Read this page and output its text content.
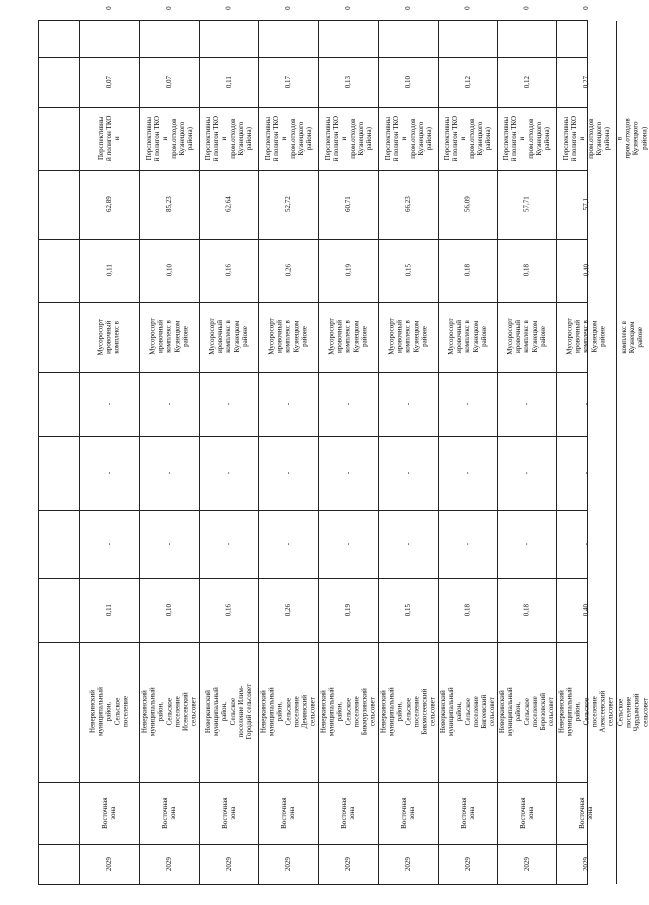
2029
Восточная
зона
Неверкинский
муниципальный район,
Сельское поселение
0,11
-
-
-
Мусоросорт
ировочный
комплекс в
0,11
62,89
Перспективны
й полигон ТКО
и
0,07
0
2029
Восточная
зона
Неверкинский
муниципальный район,
Сельское поселение
Исенсевский сельсовет
0,10
-
-
-
Мусоросорт
ировочный
комплекс в
Кузнецком
районе
0,10
85,23
Перспективны
й полигон ТКО
и
пром.отходов
Кузнецкого
района)
0,07
0
2029
Восточная
зона
Неверкинский
муниципальный район,
Сельское поселение Илим-
Городий сельсовет
0,16
-
-
-
Мусоросорт
ировочный
комплекс в
Кузнецком
районе
0,16
62,64
Перспективны
й полигон ТКО
и
пром.отходов
Кузнецкого
района)
0,11
0
2029
Восточная
зона
Неверкинский
муниципальный район,
Сельское поселение
Демянский сельсовет
0,26
-
-
-
Мусоросорт
ировочный
комплекс в
Кузнецком
районе
0,26
52,72
Перспективны
й полигон ТКО
и
пром.отходов
Кузнецкого
района)
0,17
0
2029
Восточная
зона
Неверкинский
муниципальный район,
Сельское поселение
Бикмурзинский сельсовет
0,19
-
-
-
Мусоросорт
ировочный
комплекс в
Кузнецком
районе
0,19
60,71
Перспективны
й полигон ТКО
и
пром.отходов
Кузнецкого
района)
0,13
0
2029
Восточная
зона
Неверкинский
муниципальный район,
Сельское поселение
Бикмосеевский сельсовет
0,15
-
-
-
Мусоросорт
ировочный
комплекс в
Кузнецком
районе
0,15
66,23
Перспективны
й полигон ТКО
и
пром.отходов
Кузнецкого
района)
0,10
0
2029
Восточная
зона
Неверкинский
муниципальный район,
Сельское поселение
Бигеевский сельсовет
0,18
-
-
-
Мусоросорт
ировочный
комплекс в
Кузнецком
районе
0,18
56,09
Перспективны
й полигон ТКО
и
пром.отходов
Кузнецкого
района)
0,12
0
2029
Восточная
зона
Неверкинский
муниципальный район,
Сельское поселение
Березовский сельсовет
0,18
-
-
-
Мусоросорт
ировочный
комплекс в
Кузнецком
районе
0,18
57,71
Перспективны
й полигон ТКО
и
пром.отходов
Кузнецкого
района)
0,12
0
2029
Восточная
зона
Неверкинский
муниципальный район,
Сельское поселение
Алексеевский сельсовет
0,40
-
-
-
Мусоросорт
ировочный
комплекс в
Кузнецком
районе
0,40
57,1
Перспективны
й полигон ТКО
и
пром.отходов
Кузнецкого
района)
0,27
0
Сельское поселение
Чардымский сельсовет
комплекс в
Кузнецком
районе
в
пром.отходов
Кузнецкого
района)
